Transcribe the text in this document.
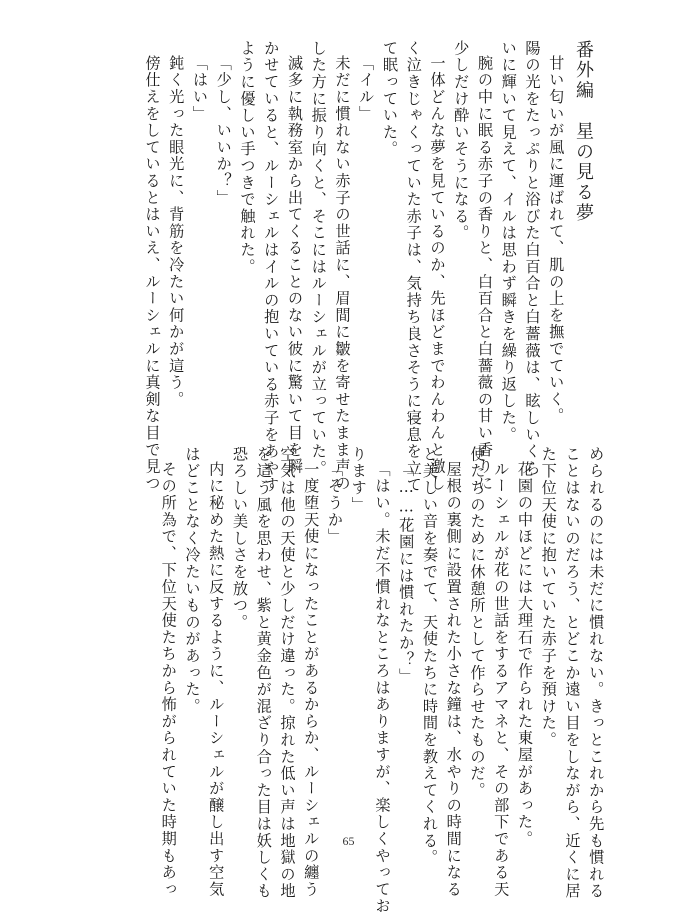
番外編　星の見る夢
甘い匂いが風に運ばれて、肌の上を撫でていく。
陽の光をたっぷりと浴びた白百合と白薔薇は、眩しいくら
いに輝いて見えて、イルは思わず瞬きを繰り返した。
腕の中に眠る赤子の香りと、白百合と白薔薇の甘い香りに
少しだけ酔いそうになる。
一体どんな夢を見ているのか、先ほどまでわんわんと激し
く泣きじゃくっていた赤子は、気持ち良さそうに寝息を立て
て眠っていた。
「イル」
未だに慣れない赤子の世話に、眉間に皺を寄せたまま声の
した方に振り向くと、そこにはルーシェルが立っていた。
滅多に執務室から出てくることのない彼に驚いて目を瞬
かせていると、ルーシェルはイルの抱いている赤子をあやす
ように優しい手つきで触れた。
「少し、いいか？」
「はい」
鈍く光った眼光に、背筋を冷たい何かが這う。
傍仕えをしているとはいえ、ルーシェルに真剣な目で見つ
められるのには未だに慣れない。きっとこれから先も慣れる
ことはないのだろう、とどこか遠い目をしながら、近くに居
た下位天使に抱いていた赤子を預けた。
花園の中ほどには大理石で作られた東屋があった。
ルーシェルが花の世話をするアマネと、その部下である天
使たちのために休憩所として作らせたものだ。
屋根の裏側に設置された小さな鐘は、水やりの時間になる
と美しい音を奏でて、天使たちに時間を教えてくれる。
「……花園には慣れたか？」
「はい。未だ不慣れなところはありますが、楽しくやってお
ります」
「そうか」
一度堕天使になったことがあるからか、ルーシェルの纏う
空気は他の天使と少しだけ違った。掠れた低い声は地獄の地
を這う風を思わせ、紫と黄金色が混ざり合った目は妖しくも
恐ろしい美しさを放つ。
内に秘めた熱に反するように、ルーシェルが醸し出す空気
はどことなく冷たいものがあった。
その所為で、下位天使たちから怖がられていた時期もあっ	65
